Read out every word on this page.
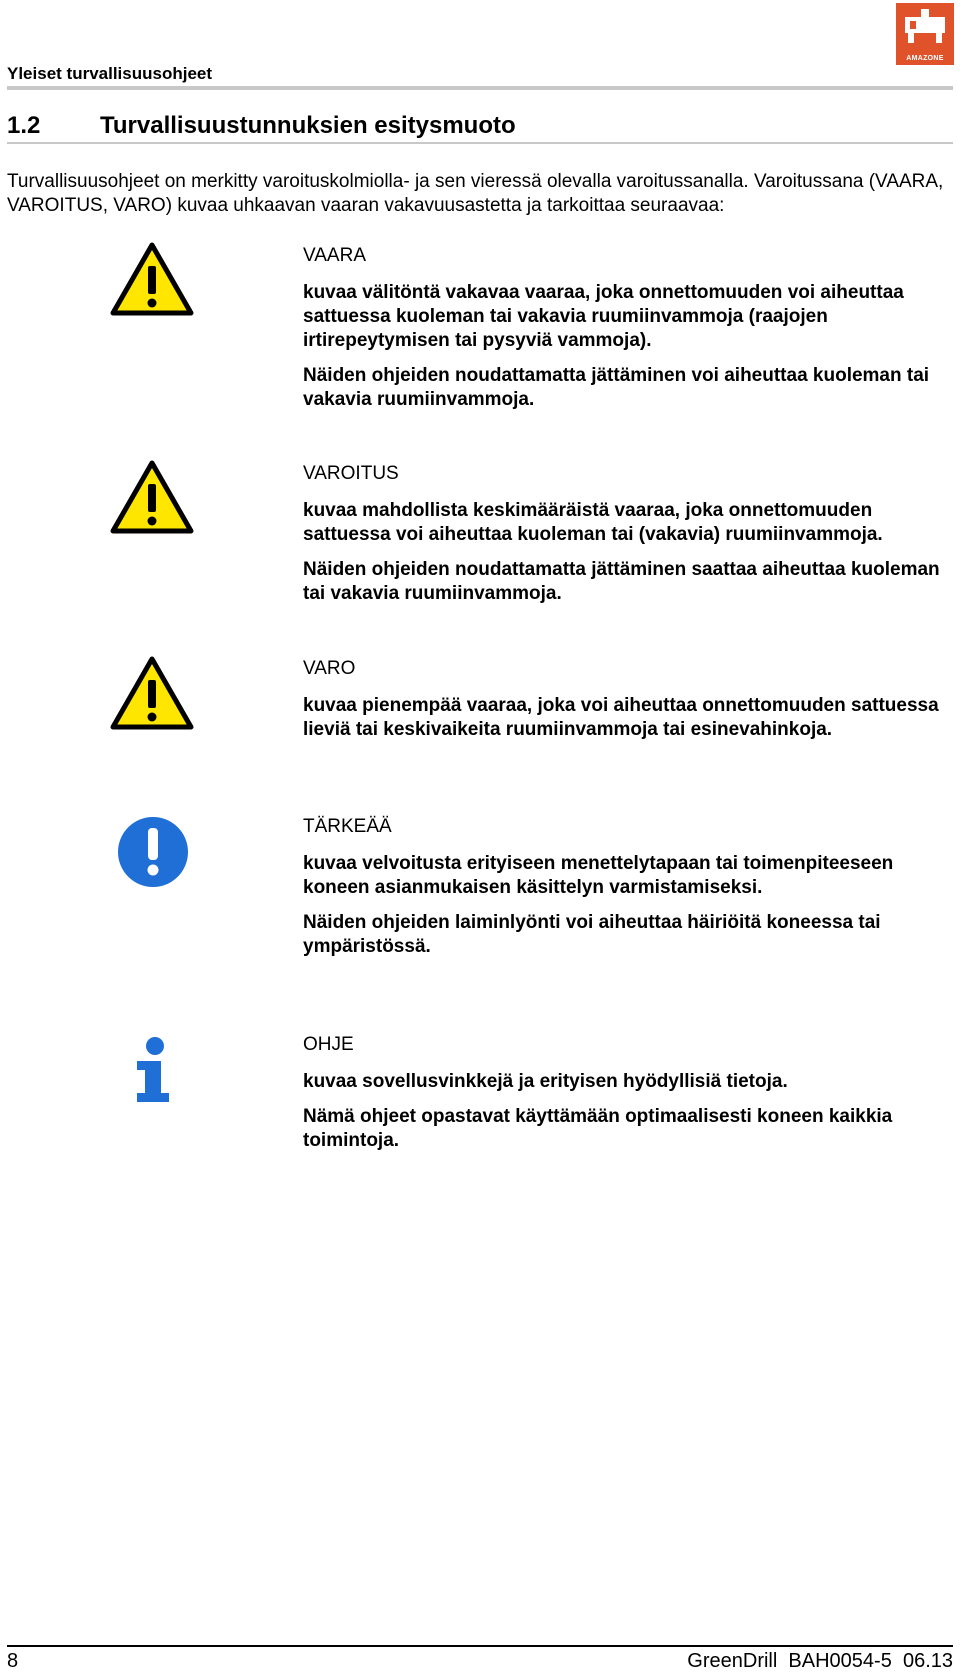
Yleiset turvallisuusohjeet
AMAZONE
1.2 Turvallisuustunnuksien esitysmuoto
Turvallisuusohjeet on merkitty varoituskolmiolla- ja sen vieressä olevalla varoitussanalla. Varoitussana (VAARA, VAROITUS, VARO) kuvaa uhkaavan vaaran vakavuusastetta ja tarkoittaa seuraavaa:
VAARA
kuvaa välitöntä vakavaa vaaraa, joka onnettomuuden voi aiheuttaa sattuessa kuoleman tai vakavia ruumiinvammoja (raajojen irtirepeytymisen tai pysyviä vammoja).
Näiden ohjeiden noudattamatta jättäminen voi aiheuttaa kuoleman tai vakavia ruumiinvammoja.
VAROITUS
kuvaa mahdollista keskimääräistä vaaraa, joka onnettomuuden sattuessa voi aiheuttaa kuoleman tai (vakavia) ruumiinvammoja.
Näiden ohjeiden noudattamatta jättäminen saattaa aiheuttaa kuoleman tai vakavia ruumiinvammoja.
VARO
kuvaa pienempää vaaraa, joka voi aiheuttaa onnettomuuden sattuessa lieviä tai keskivaikeita ruumiinvammoja tai esinevahinkoja.
TÄRKEÄÄ
kuvaa velvoitusta erityiseen menettelytapaan tai toimenpiteeseen koneen asianmukaisen käsittelyn varmistamiseksi.
Näiden ohjeiden laiminlyönti voi aiheuttaa häiriöitä koneessa tai ympäristössä.
OHJE
kuvaa sovellusvinkkejä ja erityisen hyödyllisiä tietoja.
Nämä ohjeet opastavat käyttämään optimaalisesti koneen kaikkia toimintoja.
8	GreenDrill  BAH0054-5  06.13
